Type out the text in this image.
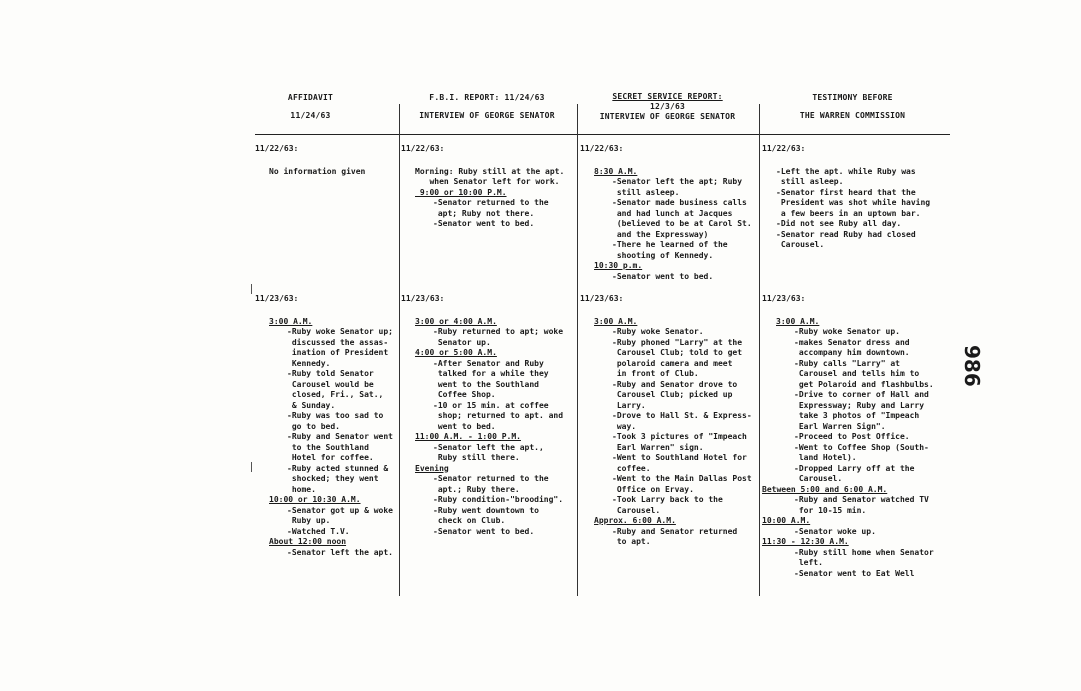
AFFIDAVIT
11/24/63
F.B.I. REPORT: 11/24/63
INTERVIEW OF GEORGE SENATOR
SECRET SERVICE REPORT:
12/3/63
INTERVIEW OF GEORGE SENATOR
TESTIMONY BEFORE
THE WARREN COMMISSION
11/22/63:
No information given
11/23/63:
3:00 A.M.
-Ruby woke Senator up;
discussed the assas-
ination of President
Kennedy.
-Ruby told Senator
Carousel would be
closed, Fri., Sat.,
& Sunday.
-Ruby was too sad to
go to bed.
-Ruby and Senator went
to the Southland
Hotel for coffee.
-Ruby acted stunned &
shocked; they went
home.
10:00 or 10:30 A.M.
-Senator got up & woke
Ruby up.
-Watched T.V.
About 12:00 noon
-Senator left the apt.
11/22/63:
Morning: Ruby still at the apt.
when Senator left for work.
9:00 or 10:00 P.M.
-Senator returned to the
apt; Ruby not there.
-Senator went to bed.
11/23/63:
3:00 or 4:00 A.M.
-Ruby returned to apt; woke
Senator up.
4:00 or 5:00 A.M.
-After Senator and Ruby
talked for a while they
went to the Southland
Coffee Shop.
-10 or 15 min. at coffee
shop; returned to apt. and
went to bed.
11:00 A.M. - 1:00 P.M.
-Senator left the apt.,
Ruby still there.
Evening
-Senator returned to the
apt.; Ruby there.
-Ruby condition-"brooding".
-Ruby went downtown to
check on Club.
-Senator went to bed.
11/22/63:
8:30 A.M.
-Senator left the apt; Ruby
still asleep.
-Senator made business calls
and had lunch at Jacques
(believed to be at Carol St.
and the Expressway)
-There he learned of the
shooting of Kennedy.
10:30 p.m.
-Senator went to bed.
11/23/63:
3:00 A.M.
-Ruby woke Senator.
-Ruby phoned "Larry" at the
Carousel Club; told to get
polaroid camera and meet
in front of Club.
-Ruby and Senator drove to
Carousel Club; picked up
Larry.
-Drove to Hall St. & Express-
way.
-Took 3 pictures of "Impeach
Earl Warren" sign.
-Went to Southland Hotel for
coffee.
-Went to the Main Dallas Post
Office on Ervay.
-Took Larry back to the
Carousel.
Approx. 6:00 A.M.
-Ruby and Senator returned
to apt.
11/22/63:
-Left the apt. while Ruby was
still asleep.
-Senator first heard that the
President was shot while having
a few beers in an uptown bar.
-Did not see Ruby all day.
-Senator read Ruby had closed
Carousel.
11/23/63:
3:00 A.M.
-Ruby woke Senator up.
-makes Senator dress and
accompany him downtown.
-Ruby calls "Larry" at
Carousel and tells him to
get Polaroid and flashbulbs.
-Drive to corner of Hall and
Expressway; Ruby and Larry
take 3 photos of "Impeach
Earl Warren Sign".
-Proceed to Post Office.
-Went to Coffee Shop (South-
land Hotel).
-Dropped Larry off at the
Carousel.
Between 5:00 and 6:00 A.M.
-Ruby and Senator watched TV
for 10-15 min.
10:00 A.M.
-Senator woke up.
11:30 - 12:30 A.M.
-Ruby still home when Senator
left.
-Senator went to Eat Well
986
